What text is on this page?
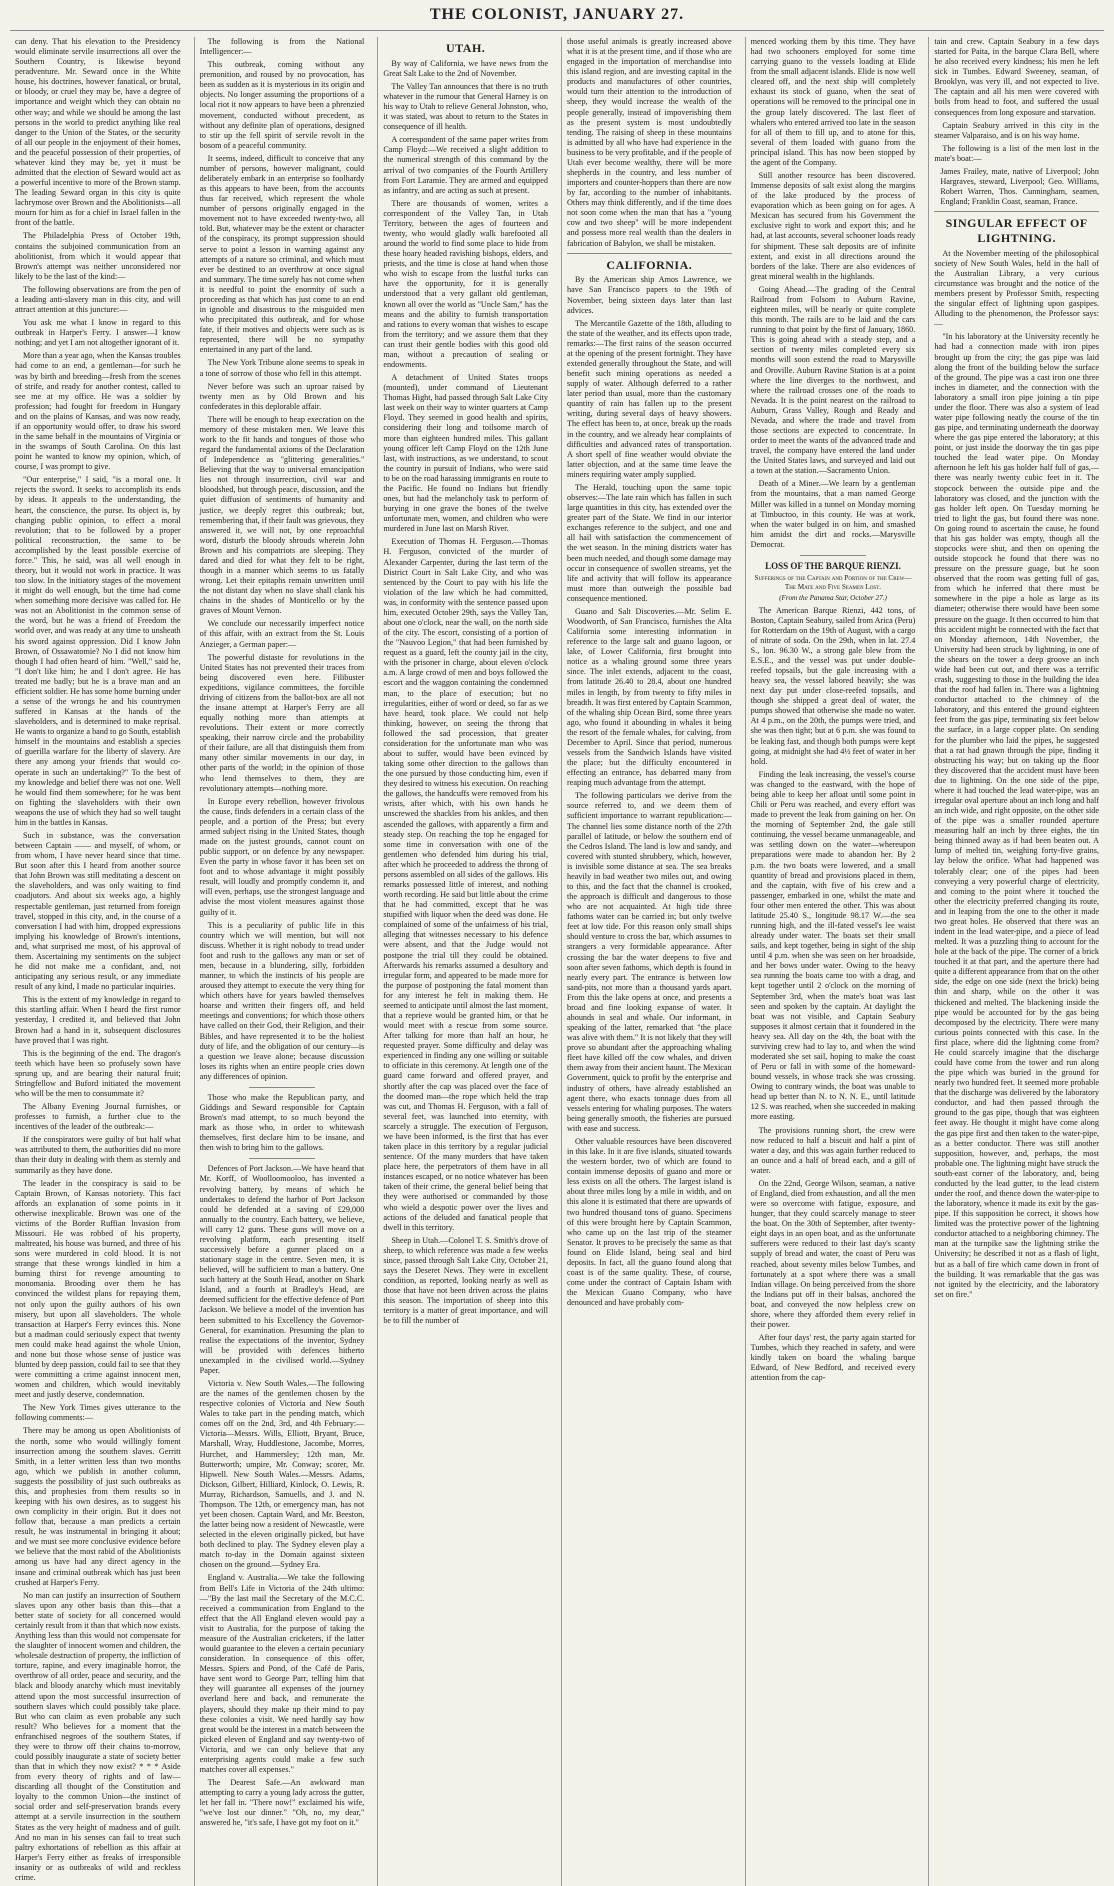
THE COLONIST, JANUARY 27.

can deny. That his elevation to the Presidency would eliminate servile insurrections all over the Southern Country, is likewise beyond peradventure. Mr. Seward once in the White house, his doctrines, however fanatical, or brutal, or bloody, or cruel they may be, have a degree of importance and weight which they can obtain no other way; and while we should be among the last persons in the world to predict anything like real danger to the Union of the States, or the security of all our people in the enjoyment of their homes, and the peaceful possession of their properties, of whatever kind they may be, yet it must be admitted that the election of Seward would act as a powerful incentive to more of the Brown stamp. The leading Seward organ in this city is quite lachrymose over Brown and the Abolitionists—all mourn for him as for a chief in Israel fallen in the front of the battle.

The Philadelphia Press of October 19th, contains the subjoined communication from an abolitionist, from which it would appear that Brown's attempt was neither unconsidered nor likely to be the last of the kind:—

The following observations are from the pen of a leading anti-slavery man in this city, and will attract attention at this juncture:—

You ask me what I know in regard to this outbreak in Harper's Ferry. I answer—I know nothing; and yet I am not altogether ignorant of it.

More than a year ago, when the Kansas troubles had come to an end, a gentleman—for such he was by birth and breeding—fresh from the scenes of strife, and ready for another contest, called to see me at my office. He was a soldier by profession; had fought for freedom in Hungary and on the plains of Kansas, and was now ready, if an opportunity would offer, to draw his sword in the same behalf in the mountains of Virginia or in the swamps of South Carolina. On this last point he wanted to know my opinion, which, of course, I was prompt to give.

"Our enterprise," I said, "is a moral one. It rejects the sword. It seeks to accomplish its ends by ideas. It appeals to the understanding, the heart, the conscience, the purse. Its object is, by changing public opinion, to effect a moral revolution; that to be followed by a proper political reconstruction, the same to be accomplished by the least possible exercise of force." This, he said, was all well enough in theory, but it would not work in practice. It was too slow. In the initiatory stages of the movement it might do well enough, but the time had come when something more decisive was called for. He was not an Abolitionist in the common sense of the word, but he was a friend of Freedom the world over, and was ready at any time to unsheath his sword against oppression. Did I know John Brown, of Ossawatomie? No I did not know him though I had often heard of him. "Well," said he, "I don't like him; he and I don't agree. He has treated me badly; but he is a brave man and an efficient soldier. He has some home burning under a sense of the wrongs he and his countrymen suffered in Kansas at the hands of the slaveholders, and is determined to make reprisal. He wants to organize a band to go South, establish himself in the mountains and establish a species of guerilla warfare for the liberty of slavery. Are there any among your friends that would co-operate in such an undertaking?" To the best of my knowledge and belief there was not one. Well he would find them somewhere; for he was bent on fighting the slaveholders with their own weapons the use of which they had so well taught him in the battles in Kansas.

Such in substance, was the conversation between Captain —— and myself, of whom, or from whom, I have never heard since that time. But soon after this I heard from another source that John Brown was still meditating a descent on the slaveholders, and was only waiting to find coadjutors. And about six weeks ago, a highly respectable gentleman, just returned from foreign travel, stopped in this city, and, in the course of a conversation I had with him, dropped expressions implying his knowledge of Brown's intentions, and, what surprised me most, of his approval of them. Ascertaining my sentiments on the subject he did not make me a confidant, and, not anticipating any serious result, or any immediate result of any kind, I made no particular inquiries.

This is the extent of my knowledge in regard to this startling affair. When I heard the first rumor yesterday, I credited it, and believed that John Brown had a hand in it, subsequent disclosures have proved that I was right.

This is the beginning of the end. The dragon's teeth which have been so profusely sown have sprung up, and are bearing their natural fruit; Stringfellow and Buford initiated the movement who will be the men to consummate it?

The Albany Evening Journal furnishes, or professes to furnish, a further clue to the incentives of the leader of the outbreak:—

If the conspirators were guilty of but half what was attributed to them, the authorities did no more than their duty in dealing with them as sternly and summarily as they have done.

The leader in the conspiracy is said to be Captain Brown, of Kansas notoriety. This fact affords an explanation of some points in it otherwise inexplicable. Brown was one of the victims of the Border Ruffian Invasion from Missouri. He was robbed of his property, maltreated, his house was burned, and three of his sons were murdered in cold blood. It is not strange that these wrongs kindled in him a burning thirst for revenge amounting to monomania. Brooding over them he has convinced the wildest plans for repaying them, not only upon the guilty authors of his own misery, but upon all slaveholders. The whole transaction at Harper's Ferry evinces this. None but a madman could seriously expect that twenty men could make head against the whole Union, and none but those whose sense of justice was blunted by deep passion, could fail to see that they were committing a crime against innocent men, women and children, which would inevitably meet and justly deserve, condemnation.

The New York Times gives utterance to the following comments:—

There may be among us open Abolitionists of the north, some who would willingly foment insurrection among the southern slaves. Gerritt Smith, in a letter written less than two months ago, which we publish in another column, suggests the possibility of just such outbreaks as this, and prophesies from them results so in keeping with his own desires, as to suggest his own complicity in their origin. But it does not follow that, because a man predicts a certain result, he was instrumental in bringing it about; and we must see more conclusive evidence before we believe that the most rabid of the Abolitionists among us have had any direct agency in the insane and criminal outbreak which has just been crushed at Harper's Ferry.

No man can justify an insurrection of Southern slaves upon any other basis than this—that a better state of society for all concerned would certainly result from it than that which now exists. Anything less than this would not compensate for the slaughter of innocent women and children, the wholesale destruction of property, the infliction of torture, rapine, and every imaginable horror, the overthrow of all order, peace and security, and the black and bloody anarchy which must inevitably attend upon the most successful insurrection of southern slaves which could possibly take place. But who can claim as even probable any such result? Who believes for a moment that the enfranchised negroes of the southern States, if they were to throw off their chains to-morrow, could possibly inaugurate a state of society better than that in which they now exist? * * * Aside from every theory of rights and of law—discarding all thought of the Constitution and loyalty to the common Union—the instinct of social order and self-preservation brands every attempt at a servile insurrection in the southern States as the very height of madness and of guilt. And no man in his senses can fail to treat such paltry exhortations of rebellion as this affair at Harper's Ferry either as freaks of irresponsible insanity or as outbreaks of wild and reckless crime.

The following is from the National Intelligencer:—

This outbreak, coming without any premonition, and roused by no provocation, has been as sudden as it is mysterious in its origin and objects. No longer assuming the proportions of a local riot it now appears to have been a phrenzied movement, conducted without precedent, as without any definite plan of operations, designed to stir up the fell spirit of servile revolt in the bosom of a peaceful community.

It seems, indeed, difficult to conceive that any number of persons, however malignant, could deliberately embark in an enterprise so foolhardy as this appears to have been, from the accounts thus far received, which represent the whole number of persons originally engaged in the movement not to have exceeded twenty-two, all told. But, whatever may be the extent or character of the conspiracy, its prompt suppression should serve to point a lesson in warning against any attempts of a nature so criminal, and which must ever be destined to an overthrow at once signal and summary. The time surely has not come when it is needful to point the enormity of such a proceeding as that which has just come to an end in ignoble and disastrous to the misguided men who precipitated this outbreak, and for whose fate, if their motives and objects were such as is represented, there will be no sympathy entertained in any part of the land.

The New York Tribune alone seems to speak in a tone of sorrow of those who fell in this attempt.

Never before was such an uproar raised by twenty men as by Old Brown and his confederates in this deplorable affair.

There will be enough to heap execration on the memory of these mistaken men. We leave this work to the fit hands and tongues of those who regard the fundamental axioms of the Declaration of Independence as "glittering generalities." Believing that the way to universal emancipation lies not through insurrection, civil war and bloodshed, but through peace, discussion, and the quiet diffusion of sentiments of humanity and justice, we deeply regret this outbreak; but, remembering that, if their fault was grievous, they answered it, we will not, by one reproachful word, disturb the bloody shrouds wherein John Brown and his compatriots are sleeping. They dared and died for what they felt to be right, though in a manner which seems to us fatally wrong. Let their epitaphs remain unwritten until the not distant day when no slave shall clank his chains in the shades of Monticello or by the graves of Mount Vernon.

We conclude our necessarily imperfect notice of this affair, with an extract from the St. Louis Anzieger, a German paper:—

The powerful distaste for revolutions in the United States has not prevented their traces from being discovered even here. Filibuster expeditions, vigilance committees, the forcible driving of citizens from the ballot-box are all not the insane attempt at Harper's Ferry are all equally nothing more than attempts at revolutions. Their extent or more correctly speaking, their narrow circle and the probability of their failure, are all that distinguish them from many other similar movements in our day, in other parts of the world; in the opinion of those who lend themselves to them, they are revolutionary attempts—nothing more.

In Europe every rebellion, however frivolous the cause, finds defenders in a certain class of the people, and a portion of the Press; but every armed subject rising in the United States, though made on the justest grounds, cannot count on public support, or on defence by any newspaper. Even the party in whose favor it has been set on foot and to whose advantage it might possibly result, will loudly and promptly condemn it, and will even, perhaps, use the strongest language and advise the most violent measures against those guilty of it.

This is a peculiarity of public life in this country which we will mention, but will not discuss. Whether it is right nobody to tread under foot and rush to the gallows any man or set of men, because in a blundering, silly, forbidden manner, to which the instincts of his people are aroused they attempt to execute the very thing for which others have for years bawled themselves hoarse and written their fingers off, and held meetings and conventions; for which those others have called on their God, their Religion, and their Bibles, and have represented it to be the holiest duty of life, and the obligation of our century—is a question we leave alone; because discussion loses its rights when an entire people cries down any differences of opinion.

Those who make the Republican party, and Giddings and Seward responsible for Captain Brown's mad attempt, to so much beyond the mark as those who, in order to whitewash themselves, first declare him to be insane, and then wish to bring him to the gallows.

Defences of Port Jackson.—We have heard that Mr. Korff, of Woolloomooloo, has invented a revolving battery, by means of which he undertakes to defend the harbor of Port Jackson could be defended at a saving of £29,000 annually to the country. Each battery, we believe, will carry 12 guns. These guns will move on a revolving platform, each presenting itself successively before a gunner placed on a stationary stage in the centre. Seven men, it is believed, will be sufficient to man a battery. One such battery at the South Head, another on Shark Island, and a fourth at Bradley's Head, are deemed sufficient for the effective defence of Port Jackson. We believe a model of the invention has been submitted to his Excellency the Governor-General, for examination. Presuming the plan to realise the expectations of the inventor, Sydney will be provided with defences hitherto unexampled in the civilised world.—Sydney Paper.

Victoria v. New South Wales.—The following are the names of the gentlemen chosen by the respective colonies of Victoria and New South Wales to take part in the pending match, which comes off on the 2nd, 3rd, and 4th February:—Victoria—Messrs. Wills, Elliott, Bryant, Bruce, Marshall, Wray, Huddlestone, Jacombe, Morres, Hurchet, and Hammersley; 12th man, Mr. Butterworth; umpire, Mr. Conway; scorer, Mr. Hipwell. New South Wales.—Messrs. Adams, Dickson, Gilbert, Hilliard, Kinlock, O. Lewis, R. Murray, Richardson, Samuells, and J. and N. Thompson. The 12th, or emergency man, has not yet been chosen. Captain Ward, and Mr. Beeston, the latter being now a resident of Newcastle, were selected in the eleven originally picked, but have both declined to play. The Sydney eleven play a match to-day in the Domain against sixteen chosen on the ground.—Sydney Era.

England v. Australia.—We take the following from Bell's Life in Victoria of the 24th ultimo:—"By the last mail the Secretary of the M.C.C. received a communication from England to the effect that the All England eleven would pay a visit to Australia, for the purpose of taking the measure of the Australian cricketers, if the latter would guarantee to the eleven a certain pecuniary consideration. In consequence of this offer, Messrs. Spiers and Pond, of the Café de Paris, have sent word to George Parr, telling him that they will guarantee all expenses of the journey overland here and back, and remunerate the players, should they make up their mind to pay these colonies a visit. We need hardly say how great would be the interest in a match between the picked eleven of England and say twenty-two of Victoria, and we can only believe that any enterprising agents could make a few such matches cover all expenses."

The Dearest Safe.—An awkward man attempting to carry a young lady across the gutter, let her fall in. "There now!" exclaimed his wife, "we've lost our dinner." "Oh, no, my dear," answered he, "it's safe, I have got my foot on it."

UTAH.

By way of California, we have news from the Great Salt Lake to the 2nd of November.

The Valley Tan announces that there is no truth whatever in the rumour that General Harney is on his way to Utah to relieve General Johnston, who, it was stated, was about to return to the States in consequence of ill health.

A correspondent of the same paper writes from Camp Floyd:—We received a slight addition to the numerical strength of this command by the arrival of two companies of the Fourth Artillery from Fort Laramie. They are armed and equipped as infantry, and are acting as such at present.

There are thousands of women, writes a correspondent of the Valley Tan, in Utah Territory, between the ages of fourteen and twenty, who would gladly walk barefooted all around the world to find some place to hide from these hoary headed ravishing bishops, elders, and priests, and the time is close at hand when those who wish to escape from the lustful turks can have the opportunity, for it is generally understood that a very gallant old gentleman, known all over the world as "Uncle Sam," has the means and the ability to furnish transportation and rations to every woman that wishes to escape from the territory; and we assure them that they can trust their gentle bodies with this good old man, without a precaution of sealing or endowments.

A detachment of United States troops (mounted), under command of Lieutenant Thomas Hight, had passed through Salt Lake City last week on their way to winter quarters at Camp Floyd. They seemed in good health and spirits, considering their long and toilsome march of more than eighteen hundred miles. This gallant young officer left Camp Floyd on the 12th June last, with instructions, as we understand, to scout the country in pursuit of Indians, who were said to be on the road harassing immigrants en route to the Pacific. He found no Indians but friendly ones, but had the melancholy task to perform of burying in one grave the bones of the twelve unfortunate men, women, and children who were murdered in June last on Marsh River.

Execution of Thomas H. Ferguson.—Thomas H. Ferguson, convicted of the murder of Alexander Carpenter, during the last term of the District Court in Salt Lake City, and who was sentenced by the Court to pay with his life the violation of the law which he had committed, was, in conformity with the sentence passed upon him, executed October 29th, says the Valley Tan, about one o'clock, near the wall, on the north side of the city. The escort, consisting of a portion of the "Nauvoo Legion," that had been furnished by request as a guard, left the county jail in the city, with the prisoner in charge, about eleven o'clock a.m. A large crowd of men and boys followed the escort and the waggon containing the condemned man, to the place of execution; but no irregularities, either of word or deed, so far as we have heard, took place. We could not help thinking, however, on seeing the throng that followed the sad procession, that greater consideration for the unfortunate man who was about to suffer, would have been evinced by taking some other direction to the gallows than the one pursued by those conducting him, even if they desired to witness his execution. On reaching the gallows, the handcuffs were removed from his wrists, after which, with his own hands he unscrewed the shackles from his ankles, and then ascended the gallows, with apparently a firm and steady step. On reaching the top he engaged for some time in conversation with one of the gentlemen who defended him during his trial, after which he proceeded to address the throng of persons assembled on all sides of the gallows. His remarks possessed little of interest, and nothing worth recording. He said but little about the crime that he had committed, except that he was stupified with liquor when the deed was done. He complained of some of the unfairness of his trial, alleging that witnesses necessary to his defence were absent, and that the Judge would not postpone the trial till they could be obtained. Afterwards his remarks assumed a desultory and irregular form, and appeared to be made more for the purpose of postponing the fatal moment than for any interest he felt in making them. He seemed to anticipate until almost the last moment, that a reprieve would be granted him, or that he would meet with a rescue from some source. After talking for more than half an hour, he requested prayer. Some difficulty and delay was experienced in finding any one willing or suitable to officiate in this ceremony. At length one of the guard came forward and offered prayer, and shortly after the cap was placed over the face of the doomed man—the rope which held the trap was cut, and Thomas H. Ferguson, with a fall of several feet, was launched into eternity, with scarcely a struggle. The execution of Ferguson, we have been informed, is the first that has ever taken place in this territory by a regular judicial sentence. Of the many murders that have taken place here, the perpetrators of them have in all instances escaped, or no notice whatever has been taken of their crime, the general belief being that they were authorised or commanded by those who wield a despotic power over the lives and actions of the deluded and fanatical people that dwell in this territory.

Sheep in Utah.—Colonel T. S. Smith's drove of sheep, to which reference was made a few weeks since, passed through Salt Lake City, October 21, says the Deseret News. They were in excellent condition, as reported, looking nearly as well as those that have not been driven across the plains this season. The importation of sheep into this territory is a matter of great importance, and will be to fill the number of

those useful animals is greatly increased above what it is at the present time, and if those who are engaged in the importation of merchandise into this island region, and are investing capital in the products and manufactures of other countries, would turn their attention to the introduction of sheep, they would increase the wealth of the people generally, instead of impoverishing them as the present system is most undoubtedly tending. The raising of sheep in these mountains is admitted by all who have had experience in the business to be very profitable, and if the people of Utah ever become wealthy, there will be more shepherds in the country, and less number of importers and counter-hoppers than there are now by far, according to the number of inhabitants. Others may think differently, and if the time does not soon come when the man that has a "young cow and two sheep" will be more independent and possess more real wealth than the dealers in fabrication of Babylon, we shall be mistaken.

CALIFORNIA.

By the American ship Amos Lawrence, we have San Francisco papers to the 19th of November, being sixteen days later than last advices.

The Mercantile Gazette of the 18th, alluding to the state of the weather, and its effects upon trade, remarks:—The first rains of the season occurred at the opening of the present fortnight. They have extended generally throughout the State, and will benefit such mining operations as needed a supply of water. Although deferred to a rather later period than usual, more than the customary quantity of rain has fallen up to the present writing, during several days of heavy showers. The effect has been to, at once, break up the roads in the country, and we already hear complaints of difficulties and advanced rates of transportation. A short spell of fine weather would obviate the latter objection, and at the same time leave the miners requiring water amply supplied.

The Herald, touching upon the same topic observes:—The late rain which has fallen in such large quantities in this city, has extended over the greater part of the State. We find in our interior exchanges reference to the subject, and one and all hail with satisfaction the commencement of the wet season. In the mining districts water has been much needed, and though some damage may occur in consequence of swollen streams, yet the life and activity that will follow its appearance must more than outweigh the possible bad consequence mentioned.

Guano and Salt Discoveries.—Mr. Selim E. Woodworth, of San Francisco, furnishes the Alta California some interesting information in reference to the large salt and guano lagoon, or lake, of Lower California, first brought into notice as a whaling ground some three years since. The inlet extends, adjacent to the coast, from latitude 26.40 to 28.4, about one hundred miles in length, by from twenty to fifty miles in breadth. It was first entered by Captain Scammon, of the whaling ship Ocean Bird, some three years ago, who found it abounding in whales it being the resort of the female whales, for calving, from December to April. Since that period, numerous vessels from the Sandwich Islands have visited the place; but the difficulty encountered in effecting an entrance, has debarred many from reaping much advantage from the attempt.

The following particulars we derive from the source referred to, and we deem them of sufficient importance to warrant republication:—The channel lies some distance north of the 27th parallel of latitude, or below the southern end of the Cedros Island. The land is low and sandy, and covered with stunted shrubbery, which, however, is invisible some distance at sea. The sea breaks heavily in bad weather two miles out, and owing to this, and the fact that the channel is crooked, the approach is difficult and dangerous to those who are not acquainted. At high tide three fathoms water can be carried in; but only twelve feet at low tide. For this reason only small ships should venture to cross the bar, which assumes to strangers a very formidable appearance. After crossing the bar the water deepens to five and soon after seven fathoms, which depth is found in nearly every part. The entrance is between low sand-pits, not more than a thousand yards apart. From this the lake opens at once, and presents a broad and fine looking expanse of water. It abounds in seal and whale. Our informant, in speaking of the latter, remarked that "the place was alive with them." It is not likely that they will prove so abundant after the approaching whaling fleet have killed off the cow whales, and driven them away from their ancient haunt. The Mexican Government, quick to profit by the enterprise and industry of others, have already established an agent there, who exacts tonnage dues from all vessels entering for whaling purposes. The waters being generally smooth, the fisheries are pursued with ease and success.

Other valuable resources have been discovered in this lake. In it are five islands, situated towards the western border, two of which are found to contain immense deposits of guano and more or less exists on all the others. The largest island is about three miles long by a mile in width, and on this alone it is estimated that there are upwards of two hundred thousand tons of guano. Specimens of this were brought here by Captain Scammon, who came up on the last trip of the steamer Senator. It proves to be precisely the same as that found on Elide Island, being seal and bird deposits. In fact, all the guano found along that coast is of the same quality. These, of course, come under the contract of Captain Isham with the Mexican Guano Company, who have denounced and have probably com-

menced working them by this time. They have had two schooners employed for some time carrying guano to the vessels loading at Elide from the small adjacent islands. Elide is now well cleared off, and the next ship will completely exhaust its stock of guano, when the seat of operations will be removed to the principal one in the group lately discovered. The last fleet of whalers who entered arrived too late in the season for all of them to fill up, and to atone for this, several of them loaded with guano from the principal island. This has now been stopped by the agent of the Company.

Still another resource has been discovered. Immense deposits of salt exist along the margins of the lake produced by the process of evaporation which as been going on for ages. A Mexican has secured from his Government the exclusive right to work and export this; and he had, at last accounts, several schooner loads ready for shipment. These salt deposits are of infinite extent, and exist in all directions around the borders of the lake. There are also evidences of great mineral wealth in the highlands.

Going Ahead.—The grading of the Central Railroad from Folsom to Auburn Ravine, eighteen miles, will be nearly or quite complete this month. The rails are to be laid and the cars running to that point by the first of January, 1860. This is going ahead with a steady step, and a section of twenty miles completed every six months will soon extend the road to Marysville and Oroville. Auburn Ravine Station is at a point where the line diverges to the northwest, and where the railroad crosses one of the roads to Nevada. It is the point nearest on the railroad to Auburn, Grass Valley, Rough and Ready and Nevada, and where the trade and travel from those sections are expected to concentrate. In order to meet the wants of the advanced trade and travel, the company have entered the land under the United States laws, and surveyed and laid out a town at the station.—Sacramento Union.

Death of a Miner.—We learn by a gentleman from the mountains, that a man named George Miller was killed in a tunnel on Monday morning at Timbuctoo, in this county. He was at work, when the water bulged in on him, and smashed him amidst the dirt and rocks.—Marysville Democrat.

LOSS OF THE BARQUE RIENZI.
Sufferings of the Captain and Portion of the Crew—The Mate and Five Seamen Lost.
(From the Panama Star, October 27.)

The American Barque Rienzi, 442 tons, of Boston, Captain Seabury, sailed from Arica (Peru) for Rotterdam on the 19th of August, with a cargo of nitrate of soda. On the 29th, when in lat. 27.4 S., lon. 96.30 W., a strong gale blew from the E.S.E., and the vessel was put under double-reefed topsails, but the gale increasing with a heavy sea, the vessel labored heavily; she was next day put under close-reefed topsails, and though she shipped a great deal of water, the pumps showed that otherwise she made no water. At 4 p.m., on the 20th, the pumps were tried, and she was then tight; but at 6 p.m. she was found to be leaking fast, and though both pumps were kept going, at midnight she had 4½ feet of water in her hold.

Finding the leak increasing, the vessel's course was changed to the eastward, with the hope of being able to keep her afloat until some point in Chili or Peru was reached, and every effort was made to prevent the leak from gaining on her. On the morning of September 2nd, the gale still continuing, the vessel became unmanageable, and was settling down on the water—whereupon preparations were made to abandon her. By 2 p.m. the two boats were lowered, and a small quantity of bread and provisions placed in them, and the captain, with five of his crew and a passenger, embarked in one, whilst the mate and four other men entered the other. This was about latitude 25.40 S., longitude 98.17 W.—the sea running high, and the ill-fated vessel's lee waist already under water. The boats set their small sails, and kept together, being in sight of the ship until 4 p.m. when she was seen on her broadside, and her bows under water. Owing to the heavy sea running the boats came too with a drag, and kept together until 2 o'clock on the morning of September 3rd, when the mate's boat was last seen and spoken by the captain. At daylight the boat was not visible, and Captain Seabury supposes it almost certain that it foundered in the heavy sea. All day on the 4th, the boat with the surviving crew had to lay to, and when the wind moderated she set sail, hoping to make the coast of Peru or fall in with some of the homeward-bound vessels, in whose track she was crossing. Owing to contrary winds, the boat was unable to head up better than N. to N. N. E., until latitude 12 S. was reached, when she succeeded in making more easting.

The provisions running short, the crew were now reduced to half a biscuit and half a pint of water a day, and this was again further reduced to an ounce and a half of bread each, and a gill of water.

On the 22nd, George Wilson, seaman, a native of England, died from exhaustion, and all the men were so overcome with fatigue, exposure, and hunger, that they could scarcely manage to steer the boat. On the 30th of September, after twenty-eight days in an open boat, and as the unfortunate sufferers were reduced to their last day's scanty supply of bread and water, the coast of Peru was reached, about seventy miles below Tumbes, and fortunately at a spot where there was a small Indian village. On being perceived from the shore the Indians put off in their balsas, anchored the boat, and conveyed the now helpless crew on shore, where they afforded them every relief in their power.

After four days' rest, the party again started for Tumbes, which they reached in safety, and were kindly taken on board the whaling barque Edward, of New Bedford, and received every attention from the cap-

tain and crew. Captain Seabury in a few days started for Paita, in the barque Clara Bell, where he also received every kindness; his men he left sick in Tumbes. Edward Sweeney, seaman, of Brooklyn, was very ill, and not expected to live. The captain and all his men were covered with boils from head to foot, and suffered the usual consequences from long exposure and starvation.

Captain Seabury arrived in this city in the steamer Valparaiso, and is on his way home.

The following is a list of the men lost in the mate's boat:—

James Frailey, mate, native of Liverpool; John Hargraves, steward, Liverpool; Geo. Williams, Robert Warren, Thos. Cunningham, seamen, England; Franklin Coast, seaman, France.

SINGULAR EFFECT OF LIGHTNING.

At the November meeting of the philosophical society of New South Wales, held in the hall of the Australian Library, a very curious circumstance was brought and the notice of the members present by Professor Smith, respecting the singular effect of lightning upon gaspipes. Alluding to the phenomenon, the Professor says:—

"In his laboratory at the University recently he had had a connection made with iron pipes brought up from the city; the gas pipe was laid along the front of the building below the surface of the ground. The pipe was a cast iron one three inches in diameter, and the connection with the laboratory a small iron pipe joining a tin pipe under the floor. There was also a system of lead water pipe following neatly the course of the tin gas pipe, and terminating underneath the doorway where the gas pipe entered the laboratory; at this point, or just inside the doorway the tin gas pipe touched the lead water pipe. On Monday afternoon he left his gas holder half full of gas,—there was nearly twenty cubic feet in it. The stopcock between the outside pipe and the laboratory was closed, and the junction with the gas holder left open. On Tuesday morning he tried to light the gas, but found there was none. On going round to ascertain the cause, he found that his gas holder was empty, though all the stopcocks were shut, and then on opening the outside stopcock he found that there was no pressure on the pressure guage, but he soon observed that the room was getting full of gas, from which he inferred that there must be somewhere in the pipe a hole as large as its diameter; otherwise there would have been some pressure on the guage. It then occurred to him that this accident might be connected with the fact that on Monday afternoon, 14th November, the University had been struck by lightning, in one of the shears on the tower a deep groove an inch wide had been cut out, and there was a terrific crash, suggesting to those in the building the idea that the roof had fallen in. There was a lightning conductor attached to the chimney of the laboratory, and this entered the ground eighteen feet from the gas pipe, terminating six feet below the surface, in a large copper plate. On sending for the plumber who laid the pipes, he suggested that a rat had gnawn through the pipe, finding it obstructing his way; but on taking up the floor they discovered that the accident must have been due to lightning. On the one side of the pipe, where it had touched the lead water-pipe, was an irregular oval aperture about an inch long and half an inch wide, and right opposite, on the other side of the pipe was a smaller rounded aperture measuring half an inch by three eights, the tin being thinned away as if had been beaten out. A lump of melted tin, weighing forty-five grains, lay below the orifice. What had happened was tolerably clear; one of the pipes had been conveying a very powerful charge of electricity, and coming to the point where it touched the other the electricity preferred changing its route, and in leaping from the one to the other it made two great holes. He observed that there was an indent in the lead water-pipe, and a piece of lead melted. It was a puzzling thing to account for the hole at the back of the pipe. The corner of a brick touched it at that part, and the aperture there had quite a different appearance from that on the other side, the edge on one side (next the brick) being thin and sharp, while on the other it was thickened and melted. The blackening inside the pipe would be accounted for by the gas being decomposed by the electricity. There were many curious points connected with this case. In the first place, where did the lightning come from? He could scarcely imagine that the discharge could have come from the tower and run along the pipe which was buried in the ground for nearly two hundred feet. It seemed more probable that the discharge was delivered by the laboratory conductor, and had then passed through the ground to the gas pipe, though that was eighteen feet away. He thought it might have come along the gas pipe first and then taken to the water-pipe, as a better conductor. There was still another supposition, however, and, perhaps, the most probable one. The lightning might have struck the south-east corner of the laboratory, and, being conducted by the lead gutter, to the lead cistern under the roof, and thence down the water-pipe to the laboratory, whence it made its exit by the gas-pipe. If this supposition be correct, it shows how limited was the protective power of the lightning conductor attached to a neighboring chimney. The man at the turnpike saw the lightning strike the University; he described it not as a flash of light, but as a ball of fire which came down in front of the building. It was remarkable that the gas was not ignited by the electricity, and the laboratory set on fire."
